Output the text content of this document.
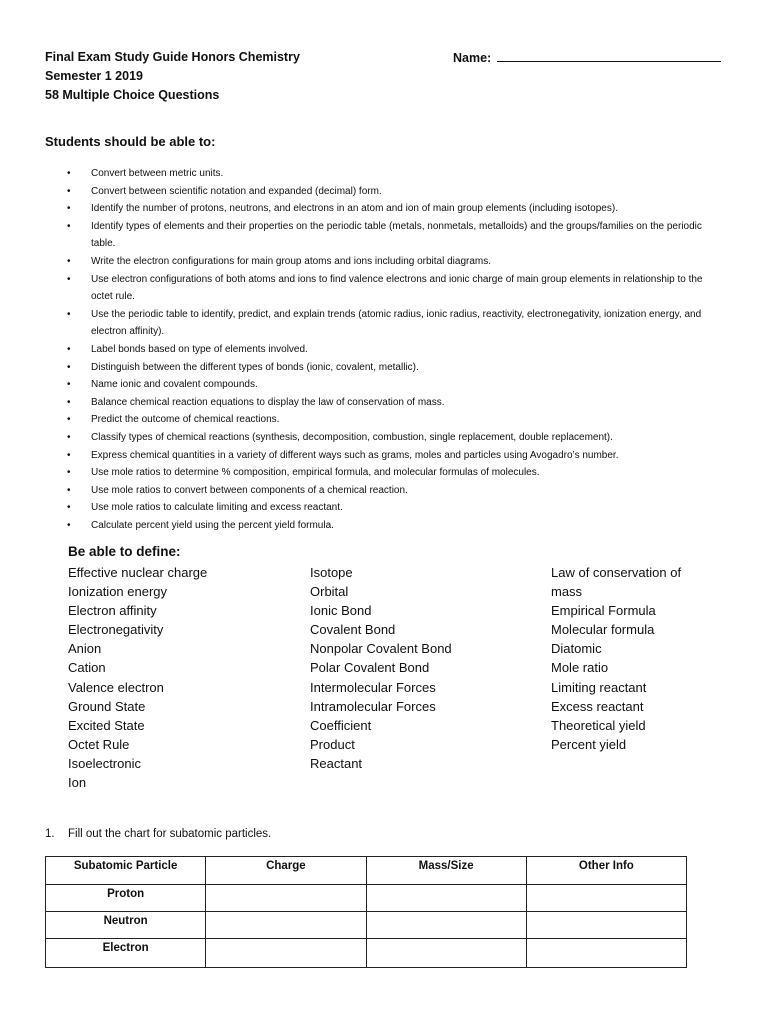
Final Exam Study Guide Honors Chemistry
Semester 1 2019
58 Multiple Choice Questions
Name:
Students should be able to:
• Convert between metric units.
• Convert between scientific notation and expanded (decimal) form.
• Identify the number of protons, neutrons, and electrons in an atom and ion of main group elements (including isotopes).
• Identify types of elements and their properties on the periodic table (metals, nonmetals, metalloids) and the groups/families on the periodic table.
• Write the electron configurations for main group atoms and ions including orbital diagrams.
• Use electron configurations of both atoms and ions to find valence electrons and ionic charge of main group elements in relationship to the octet rule.
• Use the periodic table to identify, predict, and explain trends (atomic radius, ionic radius, reactivity, electronegativity, ionization energy, and electron affinity).
• Label bonds based on type of elements involved.
• Distinguish between the different types of bonds (ionic, covalent, metallic).
• Name ionic and covalent compounds.
• Balance chemical reaction equations to display the law of conservation of mass.
• Predict the outcome of chemical reactions.
• Classify types of chemical reactions (synthesis, decomposition, combustion, single replacement, double replacement).
• Express chemical quantities in a variety of different ways such as grams, moles and particles using Avogadro’s number.
• Use mole ratios to determine % composition, empirical formula, and molecular formulas of molecules.
• Use mole ratios to convert between components of a chemical reaction.
• Use mole ratios to calculate limiting and excess reactant.
• Calculate percent yield using the percent yield formula.
Be able to define:
Effective nuclear charge
Ionization energy
Electron affinity
Electronegativity
Anion
Cation
Valence electron
Ground State
Excited State
Octet Rule
Isoelectronic
Ion
Isotope
Orbital
Ionic Bond
Covalent Bond
Nonpolar Covalent Bond
Polar Covalent Bond
Intermolecular Forces
Intramolecular Forces
Coefficient
Product
Reactant
Law of conservation of
mass
Empirical Formula
Molecular formula
Diatomic
Mole ratio
Limiting reactant
Excess reactant
Theoretical yield
Percent yield
1. Fill out the chart for subatomic particles.
Subatomic Particle	Charge	Mass/Size	Other Info
Proton			
Neutron			
Electron			
